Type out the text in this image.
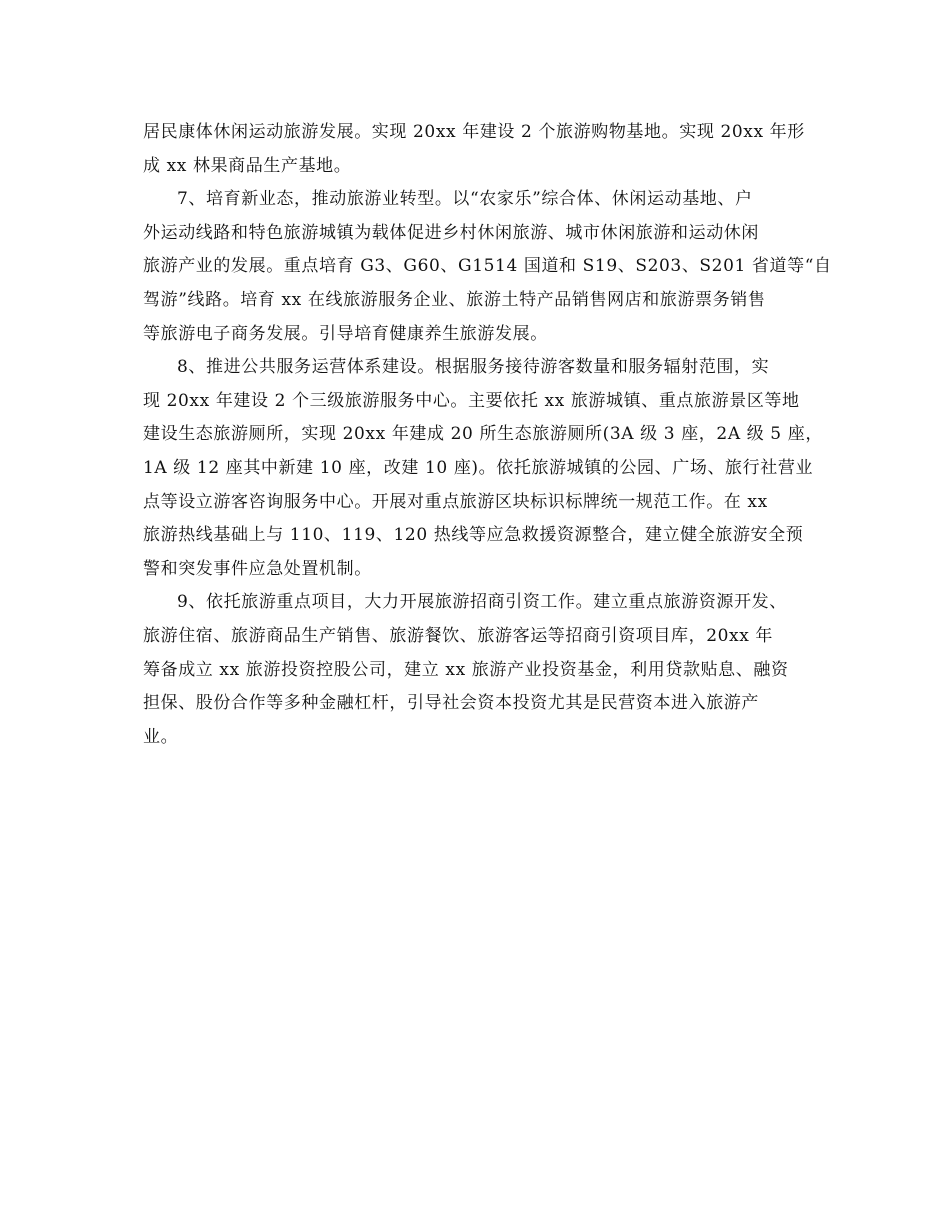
居民康体休闲运动旅游发展。实现 20xx 年建设 2 个旅游购物基地。实现 20xx 年形
成 xx 林果商品生产基地。
7、培育新业态，推动旅游业转型。以“农家乐”综合体、休闲运动基地、户
外运动线路和特色旅游城镇为载体促进乡村休闲旅游、城市休闲旅游和运动休闲
旅游产业的发展。重点培育 G3、G60、G1514 国道和 S19、S203、S201 省道等“自
驾游”线路。培育 xx 在线旅游服务企业、旅游土特产品销售网店和旅游票务销售
等旅游电子商务发展。引导培育健康养生旅游发展。
8、推进公共服务运营体系建设。根据服务接待游客数量和服务辐射范围，实
现 20xx 年建设 2 个三级旅游服务中心。主要依托 xx 旅游城镇、重点旅游景区等地
建设生态旅游厕所，实现 20xx 年建成 20 所生态旅游厕所(3A 级 3 座，2A 级 5 座，
1A 级 12 座其中新建 10 座，改建 10 座)。依托旅游城镇的公园、广场、旅行社营业
点等设立游客咨询服务中心。开展对重点旅游区块标识标牌统一规范工作。在 xx
旅游热线基础上与 110、119、120 热线等应急救援资源整合，建立健全旅游安全预
警和突发事件应急处置机制。
9、依托旅游重点项目，大力开展旅游招商引资工作。建立重点旅游资源开发、
旅游住宿、旅游商品生产销售、旅游餐饮、旅游客运等招商引资项目库，20xx 年
筹备成立 xx 旅游投资控股公司，建立 xx 旅游产业投资基金，利用贷款贴息、融资
担保、股份合作等多种金融杠杆，引导社会资本投资尤其是民营资本进入旅游产
业。
